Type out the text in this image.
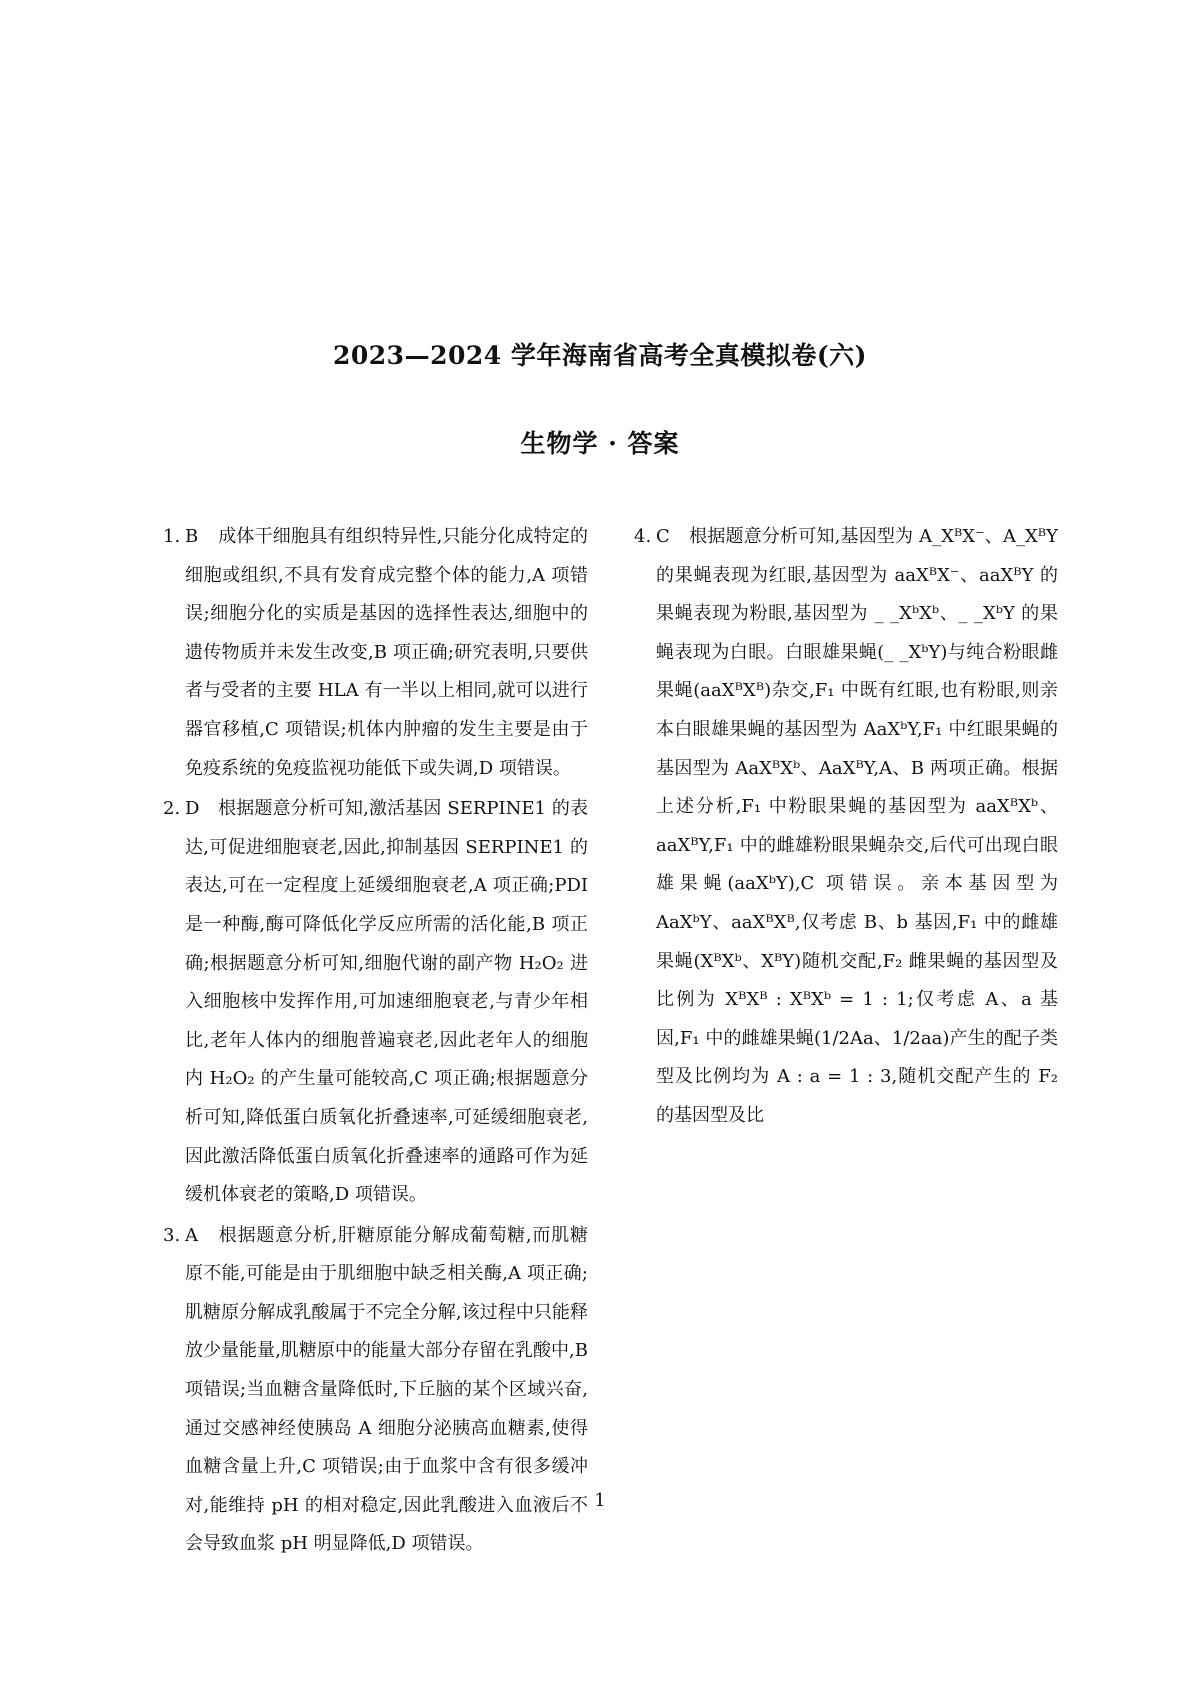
2023—2024 学年海南省高考全真模拟卷(六)
生物学 · 答案
1. B 成体干细胞具有组织特异性,只能分化成特定的细胞或组织,不具有发育成完整个体的能力,A 项错误;细胞分化的实质是基因的选择性表达,细胞中的遗传物质并未发生改变,B 项正确;研究表明,只要供者与受者的主要 HLA 有一半以上相同,就可以进行器官移植,C 项错误;机体内肿瘤的发生主要是由于免疫系统的免疫监视功能低下或失调,D 项错误。
2. D 根据题意分析可知,激活基因 SERPINE1 的表达,可促进细胞衰老,因此,抑制基因 SERPINE1 的表达,可在一定程度上延缓细胞衰老,A 项正确;PDI 是一种酶,酶可降低化学反应所需的活化能,B 项正确;根据题意分析可知,细胞代谢的副产物 H₂O₂ 进入细胞核中发挥作用,可加速细胞衰老,与青少年相比,老年人体内的细胞普遍衰老,因此老年人的细胞内 H₂O₂ 的产生量可能较高,C 项正确;根据题意分析可知,降低蛋白质氧化折叠速率,可延缓细胞衰老,因此激活降低蛋白质氧化折叠速率的通路可作为延缓机体衰老的策略,D 项错误。
3. A 根据题意分析,肝糖原能分解成葡萄糖,而肌糖原不能,可能是由于肌细胞中缺乏相关酶,A 项正确;肌糖原分解成乳酸属于不完全分解,该过程中只能释放少量能量,肌糖原中的能量大部分存留在乳酸中,B 项错误;当血糖含量降低时,下丘脑的某个区域兴奋,通过交感神经使胰岛 A 细胞分泌胰高血糖素,使得血糖含量上升,C 项错误;由于血浆中含有很多缓冲对,能维持 pH 的相对稳定,因此乳酸进入血液后不会导致血浆 pH 明显降低,D 项错误。
4. C 根据题意分析可知,基因型为 A_XᴮX⁻、A_XᴮY 的果蝇表现为红眼,基因型为 aaXᴮX⁻、aaXᴮY 的果蝇表现为粉眼,基因型为 _ _XᵇXᵇ、_ _XᵇY 的果蝇表现为白眼。白眼雄果蝇(_ _XᵇY)与纯合粉眼雌果蝇(aaXᴮXᴮ)杂交,F₁ 中既有红眼,也有粉眼,则亲本白眼雄果蝇的基因型为 AaXᵇY,F₁ 中红眼果蝇的基因型为 AaXᴮXᵇ、AaXᴮY,A、B 两项正确。根据上述分析,F₁ 中粉眼果蝇的基因型为 aaXᴮXᵇ、aaXᴮY,F₁ 中的雌雄粉眼果蝇杂交,后代可出现白眼雄果蝇(aaXᵇY),C 项错误。亲本基因型为 AaXᵇY、aaXᴮXᴮ,仅考虑 B、b 基因,F₁ 中的雌雄果蝇(XᴮXᵇ、XᴮY)随机交配,F₂ 雌果蝇的基因型及比例为 XᴮXᴮ : XᴮXᵇ = 1 : 1;仅考虑 A、a 基因,F₁ 中的雌雄果蝇(1/2Aa、1/2aa)产生的配子类型及比例均为 A : a = 1 : 3,随机交配产生的 F₂ 的基因型及比
1
